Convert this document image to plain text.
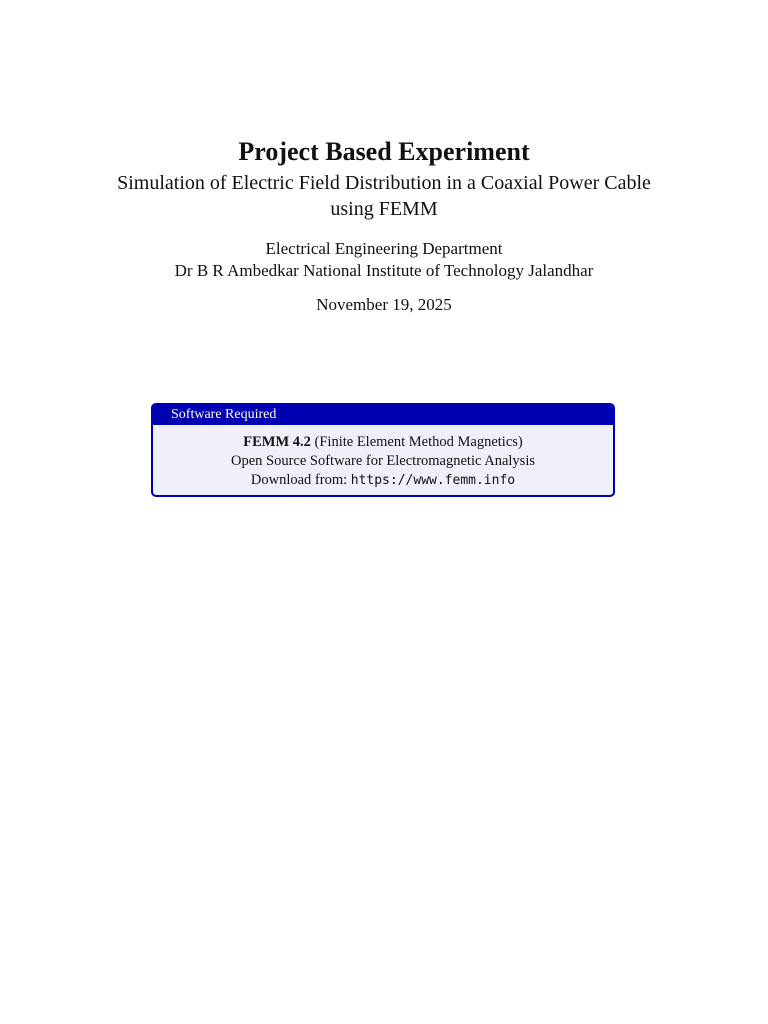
Project Based Experiment
Simulation of Electric Field Distribution in a Coaxial Power Cable using FEMM
Electrical Engineering Department
Dr B R Ambedkar National Institute of Technology Jalandhar
November 19, 2025
Software Required
FEMM 4.2 (Finite Element Method Magnetics)
Open Source Software for Electromagnetic Analysis
Download from: https://www.femm.info
